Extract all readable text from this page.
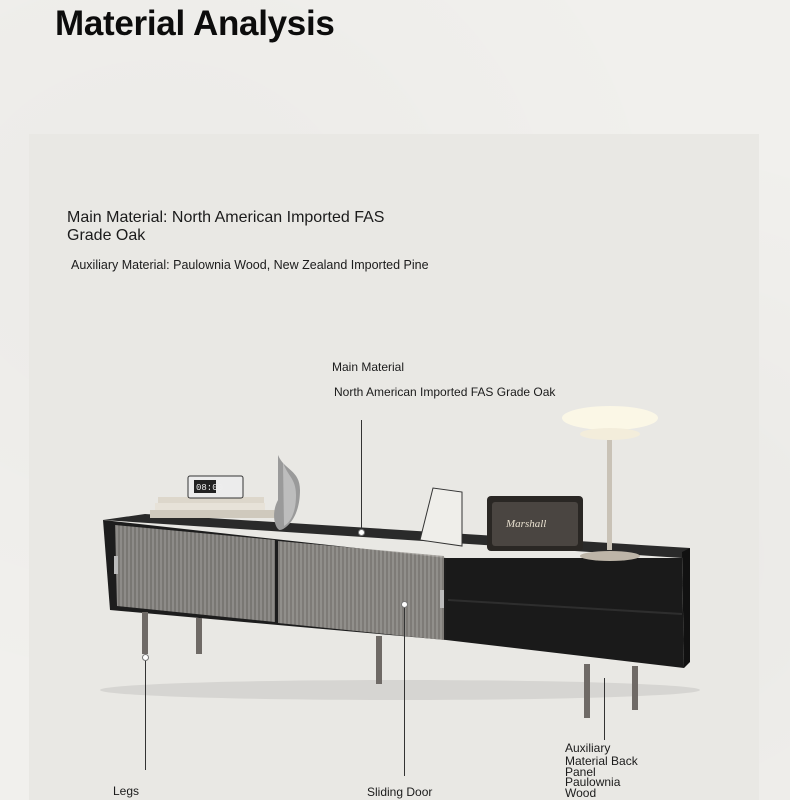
Material Analysis
Main Material: North American Imported FAS Grade Oak
Auxiliary Material: Paulownia Wood, New Zealand Imported Pine
Main Material
North American Imported FAS Grade Oak
Legs	Sliding Door
Auxiliary
Material Back
Panel
Paulownia
Wood
08:00
Marshall
